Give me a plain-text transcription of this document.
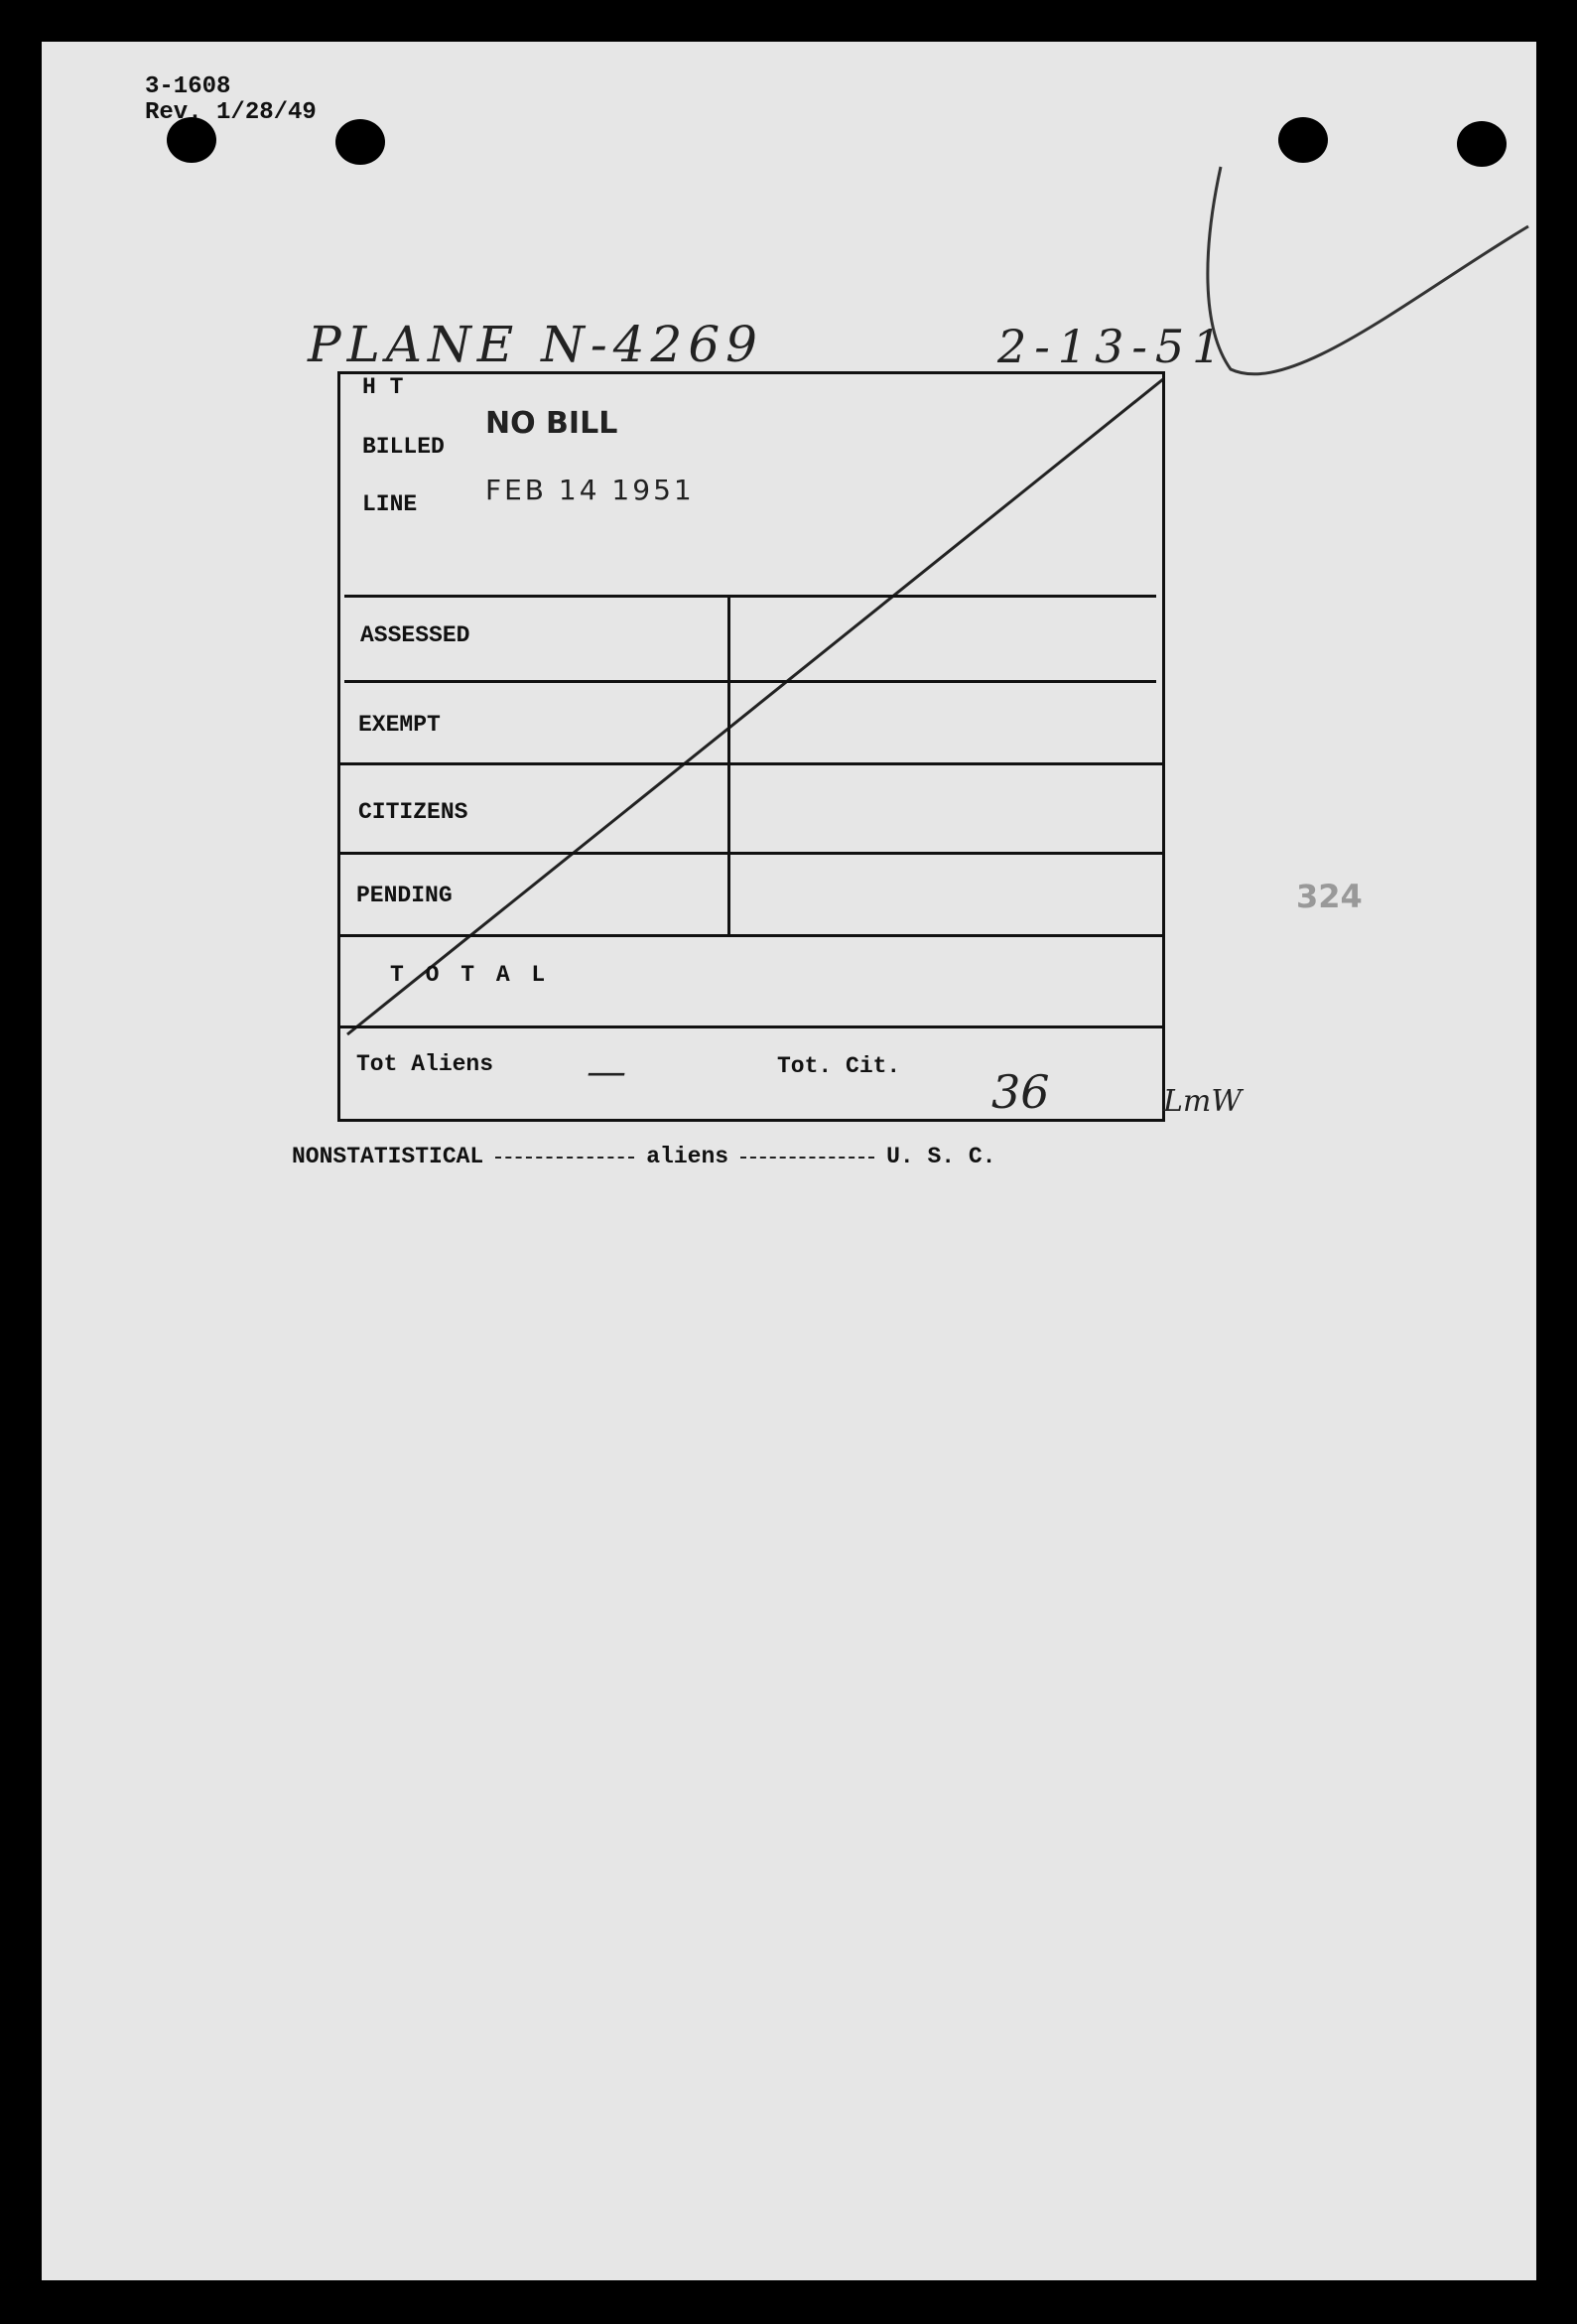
3-1608
Rev. 1/28/49
PLANE N-4269	2-13-51
H T
BILLED
LINE
NO BILL
FEB 14 1951
ASSESSED
EXEMPT
CITIZENS
PENDING
T O T A L
Tot Aliens —	Tot. Cit. 36	LmW
324
NONSTATISTICAL	aliens	U. S. C.
